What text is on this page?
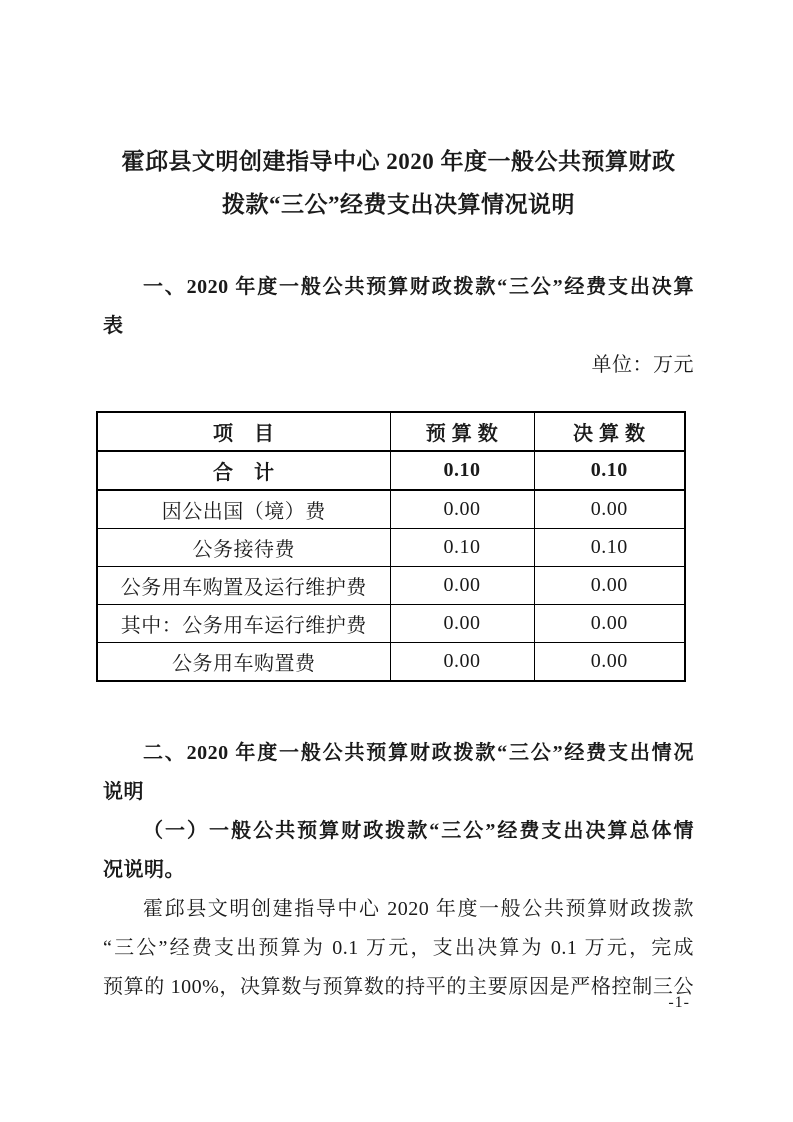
霍邱县文明创建指导中心 2020 年度一般公共预算财政
拨款“三公”经费支出决算情况说明
一、2020 年度一般公共预算财政拨款“三公”经费支出决算
表
单位：万元
项　目	预 算 数	决 算 数
合　计	0.10	0.10
因公出国（境）费	0.00	0.00
公务接待费	0.10	0.10
公务用车购置及运行维护费	0.00	0.00
其中：公务用车运行维护费	0.00	0.00
公务用车购置费	0.00	0.00
二、2020 年度一般公共预算财政拨款“三公”经费支出情况
说明
（一）一般公共预算财政拨款“三公”经费支出决算总体情
况说明。
霍邱县文明创建指导中心 2020 年度一般公共预算财政拨款
“三公”经费支出预算为 0.1 万元，支出决算为 0.1 万元，完成
预算的 100%，决算数与预算数的持平的主要原因是严格控制三公
-1-
